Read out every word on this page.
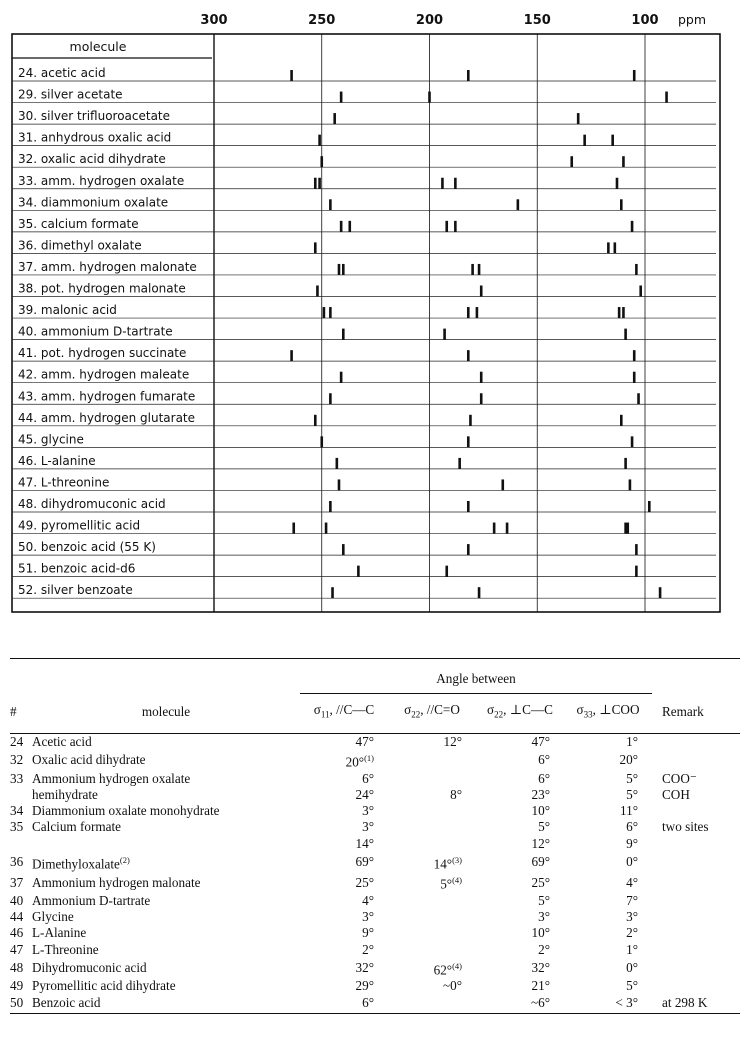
300	250	200	150	100 ppm
molecule
24. acetic acid
29. silver acetate
30. silver trifluoroacetate
31. anhydrous oxalic acid
32. oxalic acid dihydrate
33. amm. hydrogen oxalate
34. diammonium oxalate
35. calcium formate
36. dimethyl oxalate
37. amm. hydrogen malonate
38. pot. hydrogen malonate
39. malonic acid
40. ammonium D-tartrate
41. pot. hydrogen succinate
42. amm. hydrogen maleate
43. amm. hydrogen fumarate
44. amm. hydrogen glutarate
45. glycine
46. L-alanine
47. L-threonine
48. dihydromuconic acid
49. pyromellitic acid
50. benzoic acid (55 K)
51. benzoic acid-d6
52. silver benzoate

		Angle between				
#	molecule	$\sigma_{11}$, //C—C	$\sigma_{22}$, //C=O	$\sigma_{22}$, ⊥C—C	$\sigma_{33}$, ⊥COO	Remark
24	Acetic acid	47°	12°	47°	1°	
32	Oxalic acid dihydrate	20°$^{(1)}$		6°	20°	
33	Ammonium hydrogen oxalate	6°		6°	5°	COO⁻
	hemihydrate	24°	8°	23°	5°	COH
34	Diammonium oxalate monohydrate	3°		10°	11°	
35	Calcium formate	3°		5°	6°	two sites
		14°		12°	9°	
36	Dimethyloxalate$^{(2)}$	69°	14°$^{(3)}$	69°	0°	
37	Ammonium hydrogen malonate	25°	5°$^{(4)}$	25°	4°	
40	Ammonium D-tartrate	4°		5°	7°	
44	Glycine	3°		3°	3°	
46	L-Alanine	9°		10°	2°	
47	L-Threonine	2°		2°	1°	
48	Dihydromuconic acid	32°	62°$^{(4)}$	32°	0°	
49	Pyromellitic acid dihydrate	29°	~0°	21°	5°	
50	Benzoic acid	6°		~6°	< 3°	at 298 K
